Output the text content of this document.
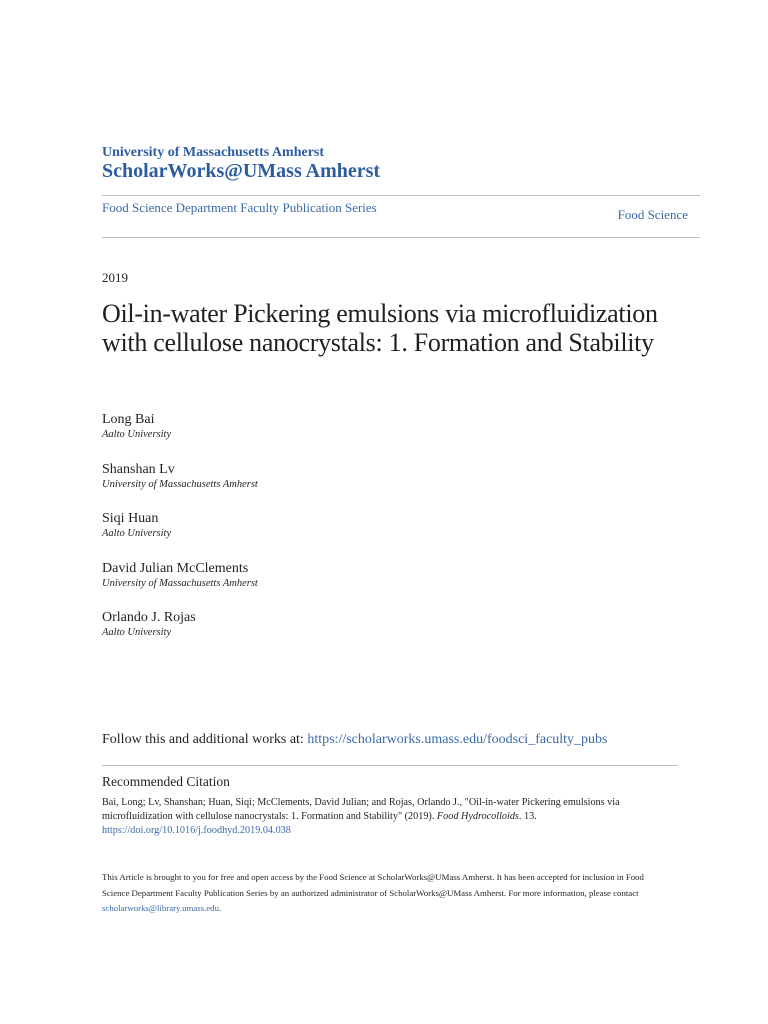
University of Massachusetts Amherst
ScholarWorks@UMass Amherst
Food Science Department Faculty Publication Series	Food Science
2019
Oil-in-water Pickering emulsions via microfluidization with cellulose nanocrystals: 1. Formation and Stability
Long Bai
Aalto University
Shanshan Lv
University of Massachusetts Amherst
Siqi Huan
Aalto University
David Julian McClements
University of Massachusetts Amherst
Orlando J. Rojas
Aalto University
Follow this and additional works at: https://scholarworks.umass.edu/foodsci_faculty_pubs
Recommended Citation
Bai, Long; Lv, Shanshan; Huan, Siqi; McClements, David Julian; and Rojas, Orlando J., "Oil-in-water Pickering emulsions via microfluidization with cellulose nanocrystals: 1. Formation and Stability" (2019). Food Hydrocolloids. 13.
https://doi.org/10.1016/j.foodhyd.2019.04.038
This Article is brought to you for free and open access by the Food Science at ScholarWorks@UMass Amherst. It has been accepted for inclusion in Food Science Department Faculty Publication Series by an authorized administrator of ScholarWorks@UMass Amherst. For more information, please contact scholarworks@library.umass.edu.
